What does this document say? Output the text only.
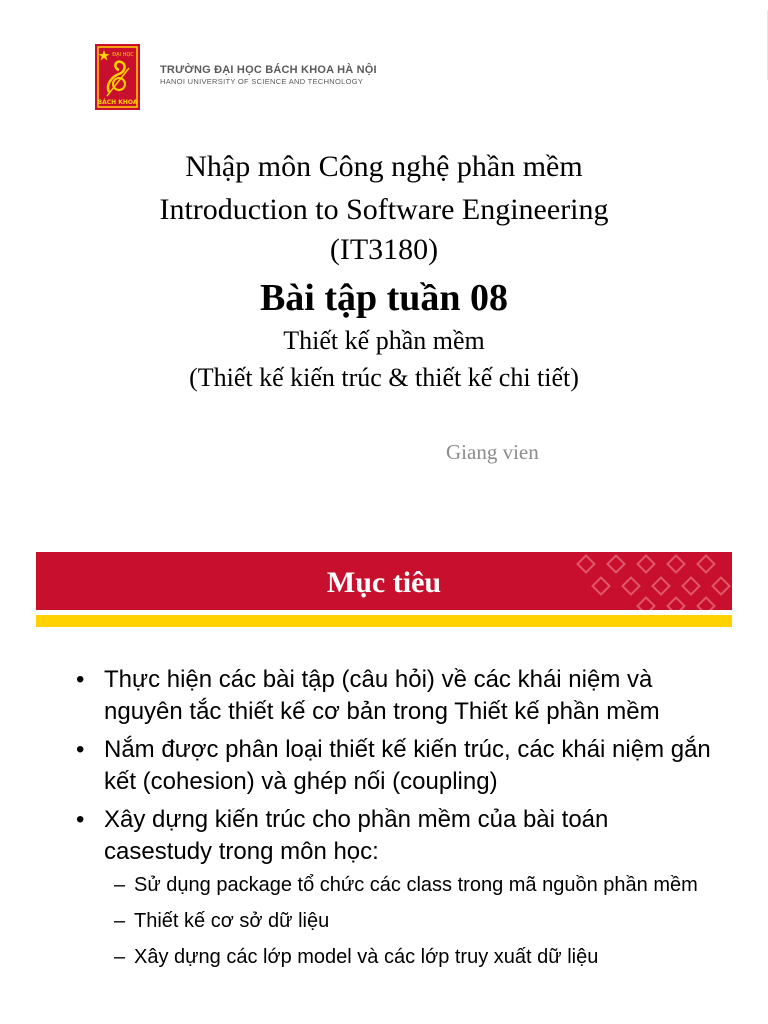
ĐẠI HỌC
BÁCH KHOA
TRƯỜNG ĐẠI HỌC BÁCH KHOA HÀ NỘI
HANOI UNIVERSITY OF SCIENCE AND TECHNOLOGY
Nhập môn Công nghệ phần mềm
Introduction to Software Engineering
(IT3180)
Bài tập tuần 08
Thiết kế phần mềm
(Thiết kế kiến trúc & thiết kế chi tiết)
Giang vien
Mục tiêu
• Thực hiện các bài tập (câu hỏi) về các khái niệm và nguyên tắc thiết kế cơ bản trong Thiết kế phần mềm
• Nắm được phân loại thiết kế kiến trúc, các khái niệm gắn kết (cohesion) và ghép nối (coupling)
• Xây dựng kiến trúc cho phần mềm của bài toán casestudy trong môn học:
– Sử dụng package tổ chức các class trong mã nguồn phần mềm
– Thiết kế cơ sở dữ liệu
– Xây dựng các lớp model và các lớp truy xuất dữ liệu
